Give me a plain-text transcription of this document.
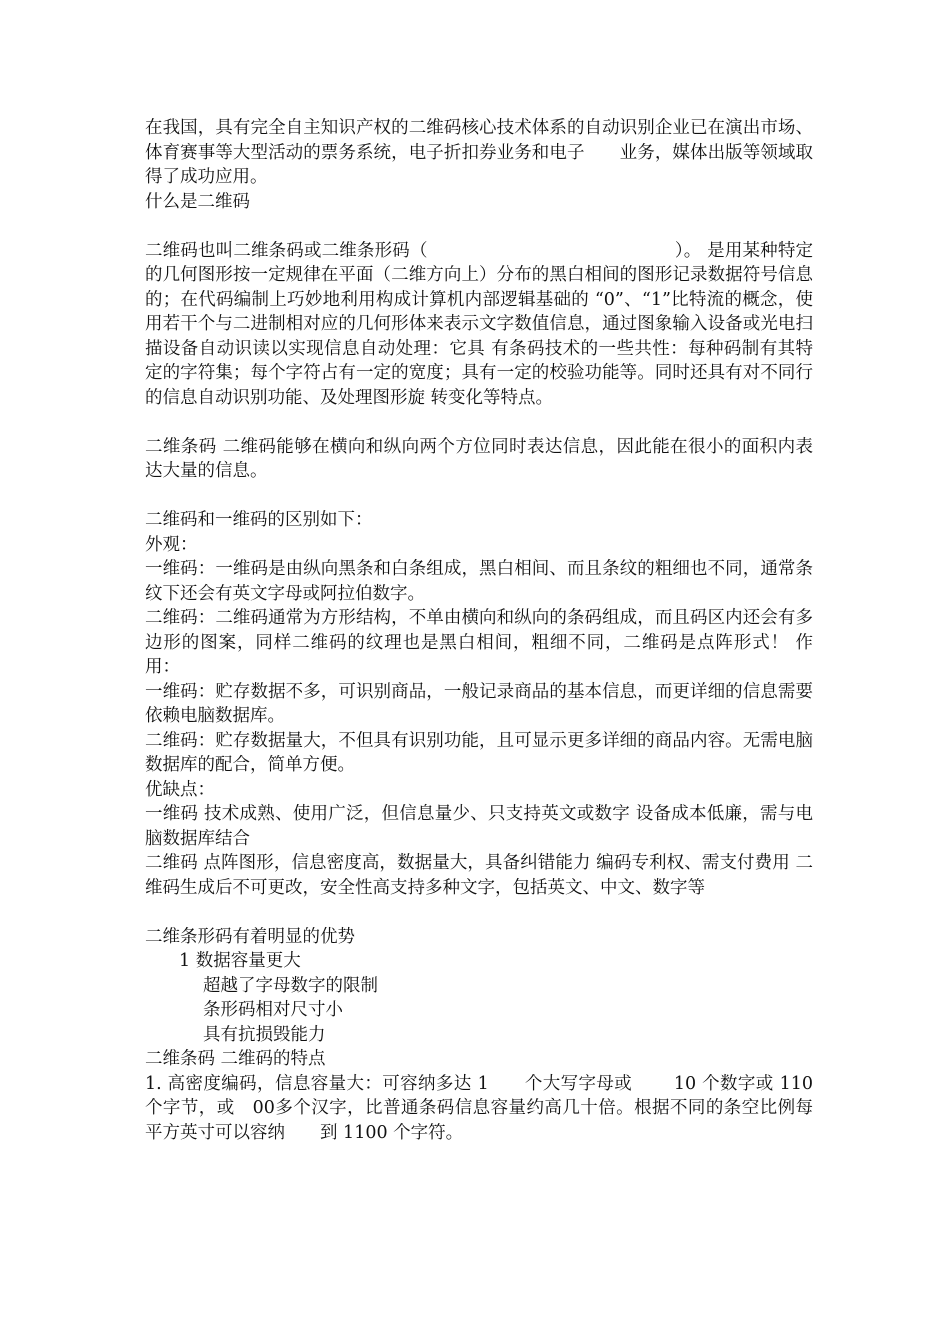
在我国，具有完全自主知识产权的二维码核心技术体系的自动识别企业已在演出市场、体育赛事等大型活动的票务系统，电子折扣券业务和电子　　业务，媒体出版等领域取得了成功应用。

什么是二维码

二维码也叫二维条码或二维条形码（　　　　　　　　　　　　　　）。 是用某种特定的几何图形按一定规律在平面（二维方向上）分布的黑白相间的图形记录数据符号信息的；在代码编制上巧妙地利用构成计算机内部逻辑基础的 “0”、“1”比特流的概念，使用若干个与二进制相对应的几何形体来表示文字数值信息，通过图象输入设备或光电扫描设备自动识读以实现信息自动处理：它具 有条码技术的一些共性：每种码制有其特定的字符集；每个字符占有一定的宽度；具有一定的校验功能等。同时还具有对不同行的信息自动识别功能、及处理图形旋 转变化等特点。

二维条码 二维码能够在横向和纵向两个方位同时表达信息，因此能在很小的面积内表达大量的信息。

二维码和一维码的区别如下：

外观：

一维码：一维码是由纵向黑条和白条组成，黑白相间、而且条纹的粗细也不同，通常条纹下还会有英文字母或阿拉伯数字。

二维码：二维码通常为方形结构，不单由横向和纵向的条码组成，而且码区内还会有多边形的图案，同样二维码的纹理也是黑白相间，粗细不同，二维码是点阵形式！ 作用：

一维码：贮存数据不多，可识别商品，一般记录商品的基本信息，而更详细的信息需要依赖电脑数据库。

二维码：贮存数据量大，不但具有识别功能，且可显示更多详细的商品内容。无需电脑数据库的配合，简单方便。

优缺点：

一维码 技术成熟、使用广泛，但信息量少、只支持英文或数字 设备成本低廉，需与电脑数据库结合

二维码 点阵图形，信息密度高，数据量大，具备纠错能力 编码专利权、需支付费用 二维码生成后不可更改，安全性高支持多种文字，包括英文、中文、数字等

二维条形码有着明显的优势

1 数据容量更大

超越了字母数字的限制

条形码相对尺寸小

具有抗损毁能力

二维条码 二维码的特点

1. 高密度编码，信息容量大：可容纳多达 1　　个大写字母或　　 10 个数字或 110 个字节，或　00多个汉字，比普通条码信息容量约高几十倍。根据不同的条空比例每平方英寸可以容纳　　到 1100 个字符。
